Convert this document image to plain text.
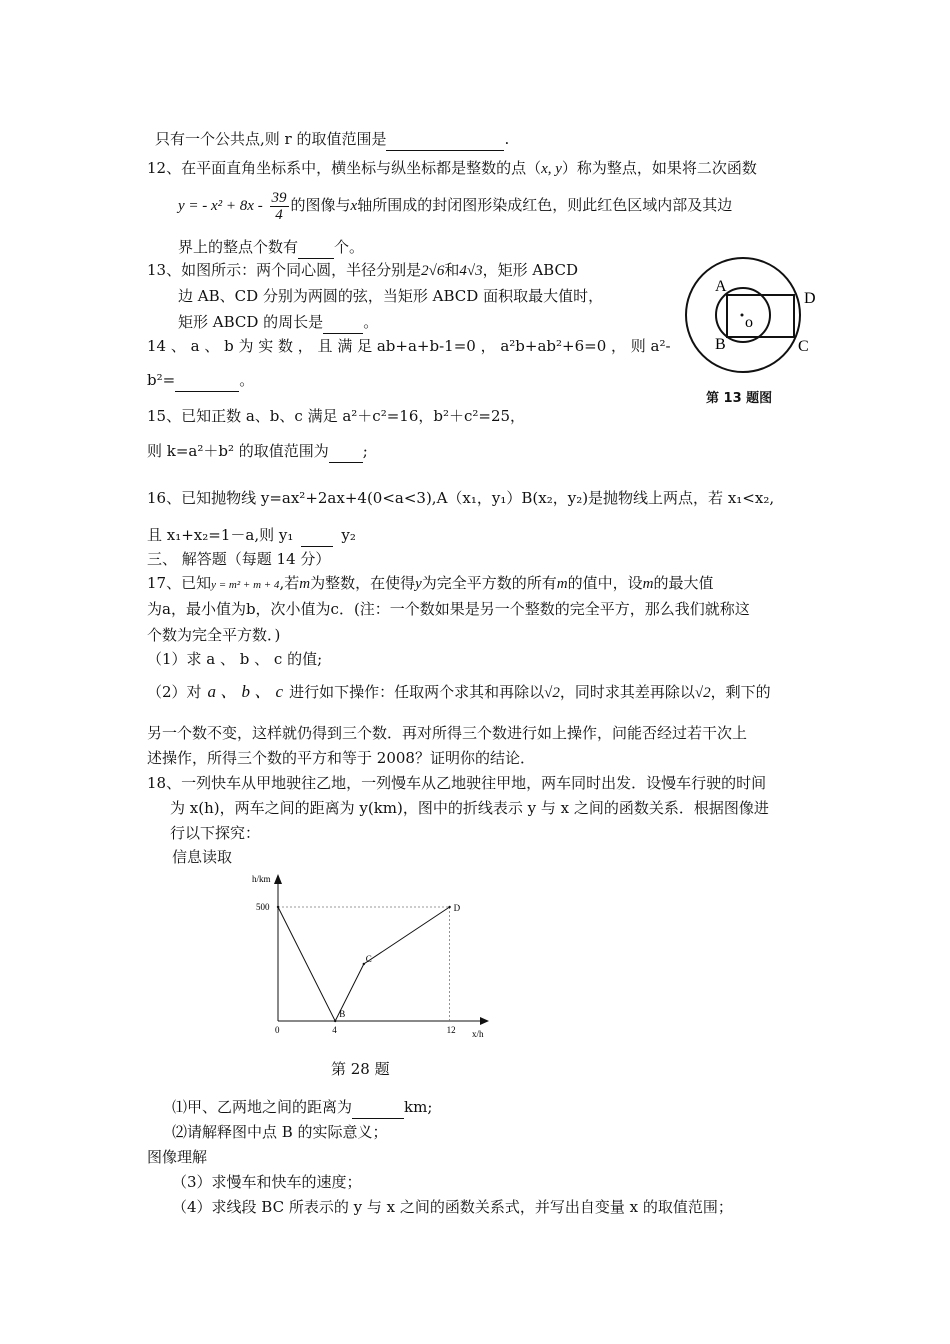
只有一个公共点,则 r 的取值范围是	.
12、在平面直角坐标系中，横坐标与纵坐标都是整数的点（x, y）称为整点，如果将二次函数
y = - $x^2 + 8x - \frac{39}{4}$ 的图像与x轴所围成的封闭图形染成红色，则此红色区域内部及其边
界上的整点个数有 个。
13、如图所示：两个同心圆，半径分别是2√6和4√3，矩形 ABCD
边 AB、CD 分别为两圆的弦，当矩形 ABCD 面积取最大值时，
矩形 ABCD 的周长是	。
A
B	C
D
o
第 13 题图
14 、 a 、 b 为 实 数 ， 且 满 足 ab+a+b-1=0 ， a²b+ab²+6=0 ， 则 a²-
b²=	。
15、已知正数 a、b、c 满足 a²＋c²=16，b²＋c²=25，
则 k=a²＋b² 的取值范围为 ;
16、已知抛物线 y=ax²+2ax+4(0<a<3),A（x₁，y₁）B(x₂，y₂)是抛物线上两点，若 x₁<x₂,
且 x₁+x₂=1－a,则 y₁	y₂
三、 解答题（每题 14 分）
17、已知y = m² + m + 4,若m为整数，在使得y为完全平方数的所有m的值中，设m的最大值
为a，最小值为b，次小值为c．(注：一个数如果是另一个整数的完全平方，那么我们就称这
个数为完全平方数．)
（1）求 a 、 b 、 c 的值;
（2）对 a 、 b 、 c 进行如下操作：任取两个求其和再除以√2，同时求其差再除以√2，剩下的
另一个数不变，这样就仍得到三个数．再对所得三个数进行如上操作，问能否经过若干次上
述操作，所得三个数的平方和等于 2008？证明你的结论．
18、一列快车从甲地驶往乙地，一列慢车从乙地驶往甲地，两车同时出发．设慢车行驶的时间
为 x(h)，两车之间的距离为 y(km)，图中的折线表示 y 与 x 之间的函数关系．根据图像进
行以下探究：
信息读取
h/km
x/h
0	4	12
500
B
C
D
第 28 题
⑴甲、乙两地之间的距离为	km;
⑵请解释图中点 B 的实际意义；
图像理解
（3）求慢车和快车的速度；
（4）求线段 BC 所表示的 y 与 x 之间的函数关系式，并写出自变量 x 的取值范围；
